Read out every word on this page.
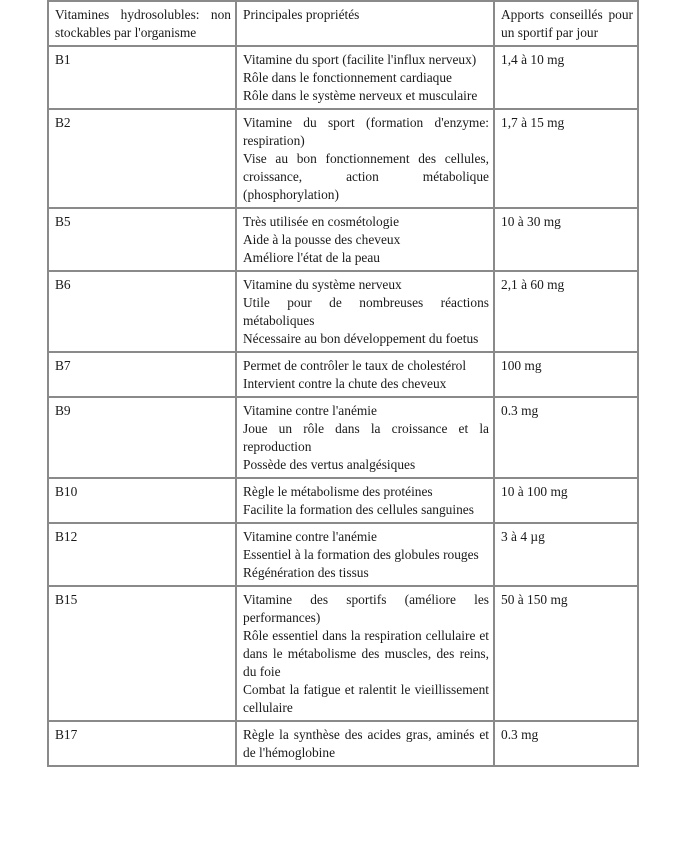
Vitamines hydrosolubles: non stockables par l'organisme	Principales propriétés	Apports conseillés pour un sportif par jour
B1	Vitamine du sport (facilite l'influx nerveux)
Rôle dans le fonctionnement cardiaque
Rôle dans le système nerveux et musculaire	1,4 à 10 mg
B2	Vitamine du sport (formation d'enzyme: respiration)
Vise au bon fonctionnement des cellules, croissance, action métabolique (phosphorylation)	1,7 à 15 mg
B5	Très utilisée en cosmétologie
Aide à la pousse des cheveux
Améliore l'état de la peau	10 à 30 mg
B6	Vitamine du système nerveux
Utile pour de nombreuses réactions métaboliques
Nécessaire au bon développement du foetus	2,1 à 60 mg
B7	Permet de contrôler le taux de cholestérol
Intervient contre la chute des cheveux	100 mg
B9	Vitamine contre l'anémie
Joue un rôle dans la croissance et la reproduction
Possède des vertus analgésiques	0.3 mg
B10	Règle le métabolisme des protéines
Facilite la formation des cellules sanguines	10 à 100 mg
B12	Vitamine contre l'anémie
Essentiel à la formation des globules rouges
Régénération des tissus	3 à 4 µg
B15	Vitamine des sportifs (améliore les performances)
Rôle essentiel dans la respiration cellulaire et dans le métabolisme des muscles, des reins, du foie
Combat la fatigue et ralentit le vieillissement cellulaire	50 à 150 mg
B17	Règle la synthèse des acides gras, aminés et de l'hémoglobine	0.3 mg
